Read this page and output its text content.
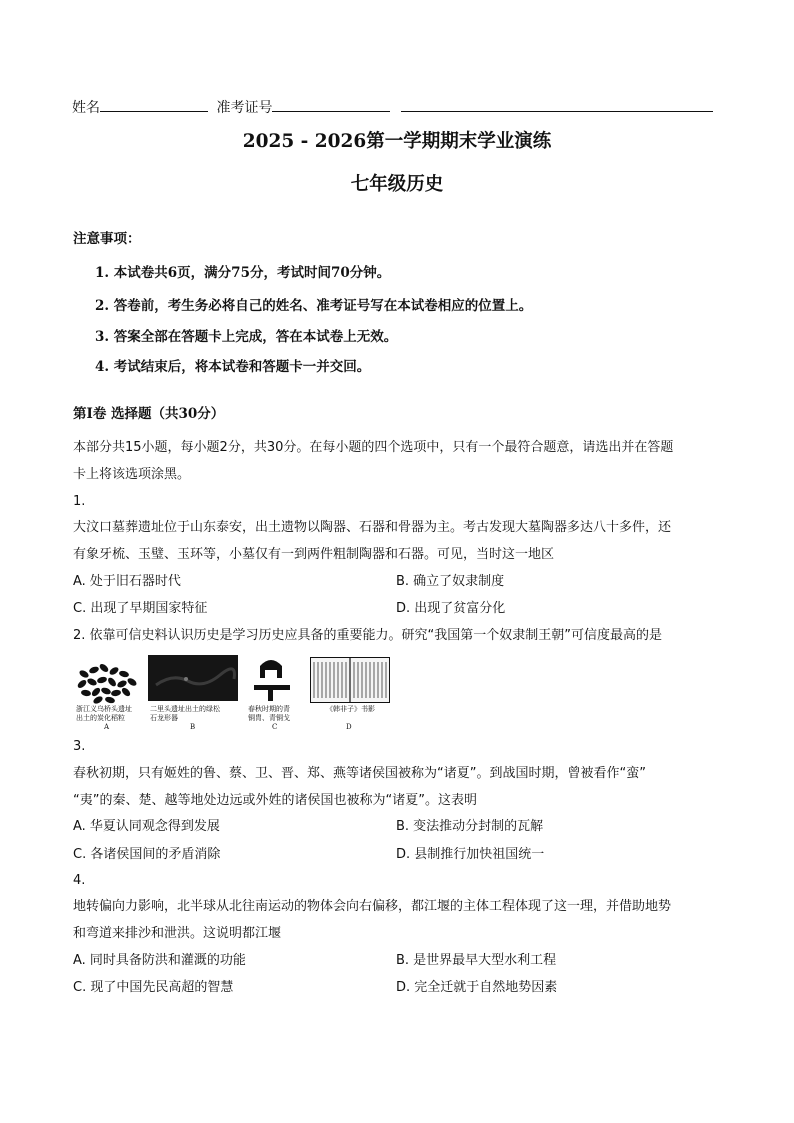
姓名	准考证号
2025 - 2026第一学期期末学业演练
七年级历史
注意事项：
1. 本试卷共6页，满分75分，考试时间70分钟。
2. 答卷前，考生务必将自己的姓名、准考证号写在本试卷相应的位置上。
3. 答案全部在答题卡上完成，答在本试卷上无效。
4. 考试结束后，将本试卷和答题卡一并交回。
第Ⅰ卷 选择题（共30分）
本部分共15小题，每小题2分，共30分。在每小题的四个选项中，只有一个最符合题意，请选出并在答题
卡上将该选项涂黑。
1.
大汶口墓葬遗址位于山东泰安，出土遗物以陶器、石器和骨器为主。考古发现大墓陶器多达八十多件，还
有象牙梳、玉璧、玉环等，小墓仅有一到两件粗制陶器和石器。可见，当时这一地区
A. 处于旧石器时代	B. 确立了奴隶制度
C. 出现了早期国家特征	D. 出现了贫富分化
2. 依靠可信史料认识历史是学习历史应具备的重要能力。研究“我国第一个奴隶制王朝”可信度最高的是
浙江义乌桥头遗址
出土的炭化稻粒
A
二里头遗址出土的绿松
石龙形器
B
春秋时期的青
铜胄、青铜戈
C
《韩非子》书影
D
3.
春秋初期，只有姬姓的鲁、蔡、卫、晋、郑、燕等诸侯国被称为“诸夏”。到战国时期，曾被看作“蛮”
“夷”的秦、楚、越等地处边远或外姓的诸侯国也被称为“诸夏”。这表明
A. 华夏认同观念得到发展	B. 变法推动分封制的瓦解
C. 各诸侯国间的矛盾消除	D. 县制推行加快祖国统一
4.
地转偏向力影响，北半球从北往南运动的物体会向右偏移，都江堰的主体工程体现了这一理，并借助地势
和弯道来排沙和泄洪。这说明都江堰
A. 同时具备防洪和灌溉的功能	B. 是世界最早大型水利工程
C. 现了中国先民高超的智慧	D. 完全迁就于自然地势因素
